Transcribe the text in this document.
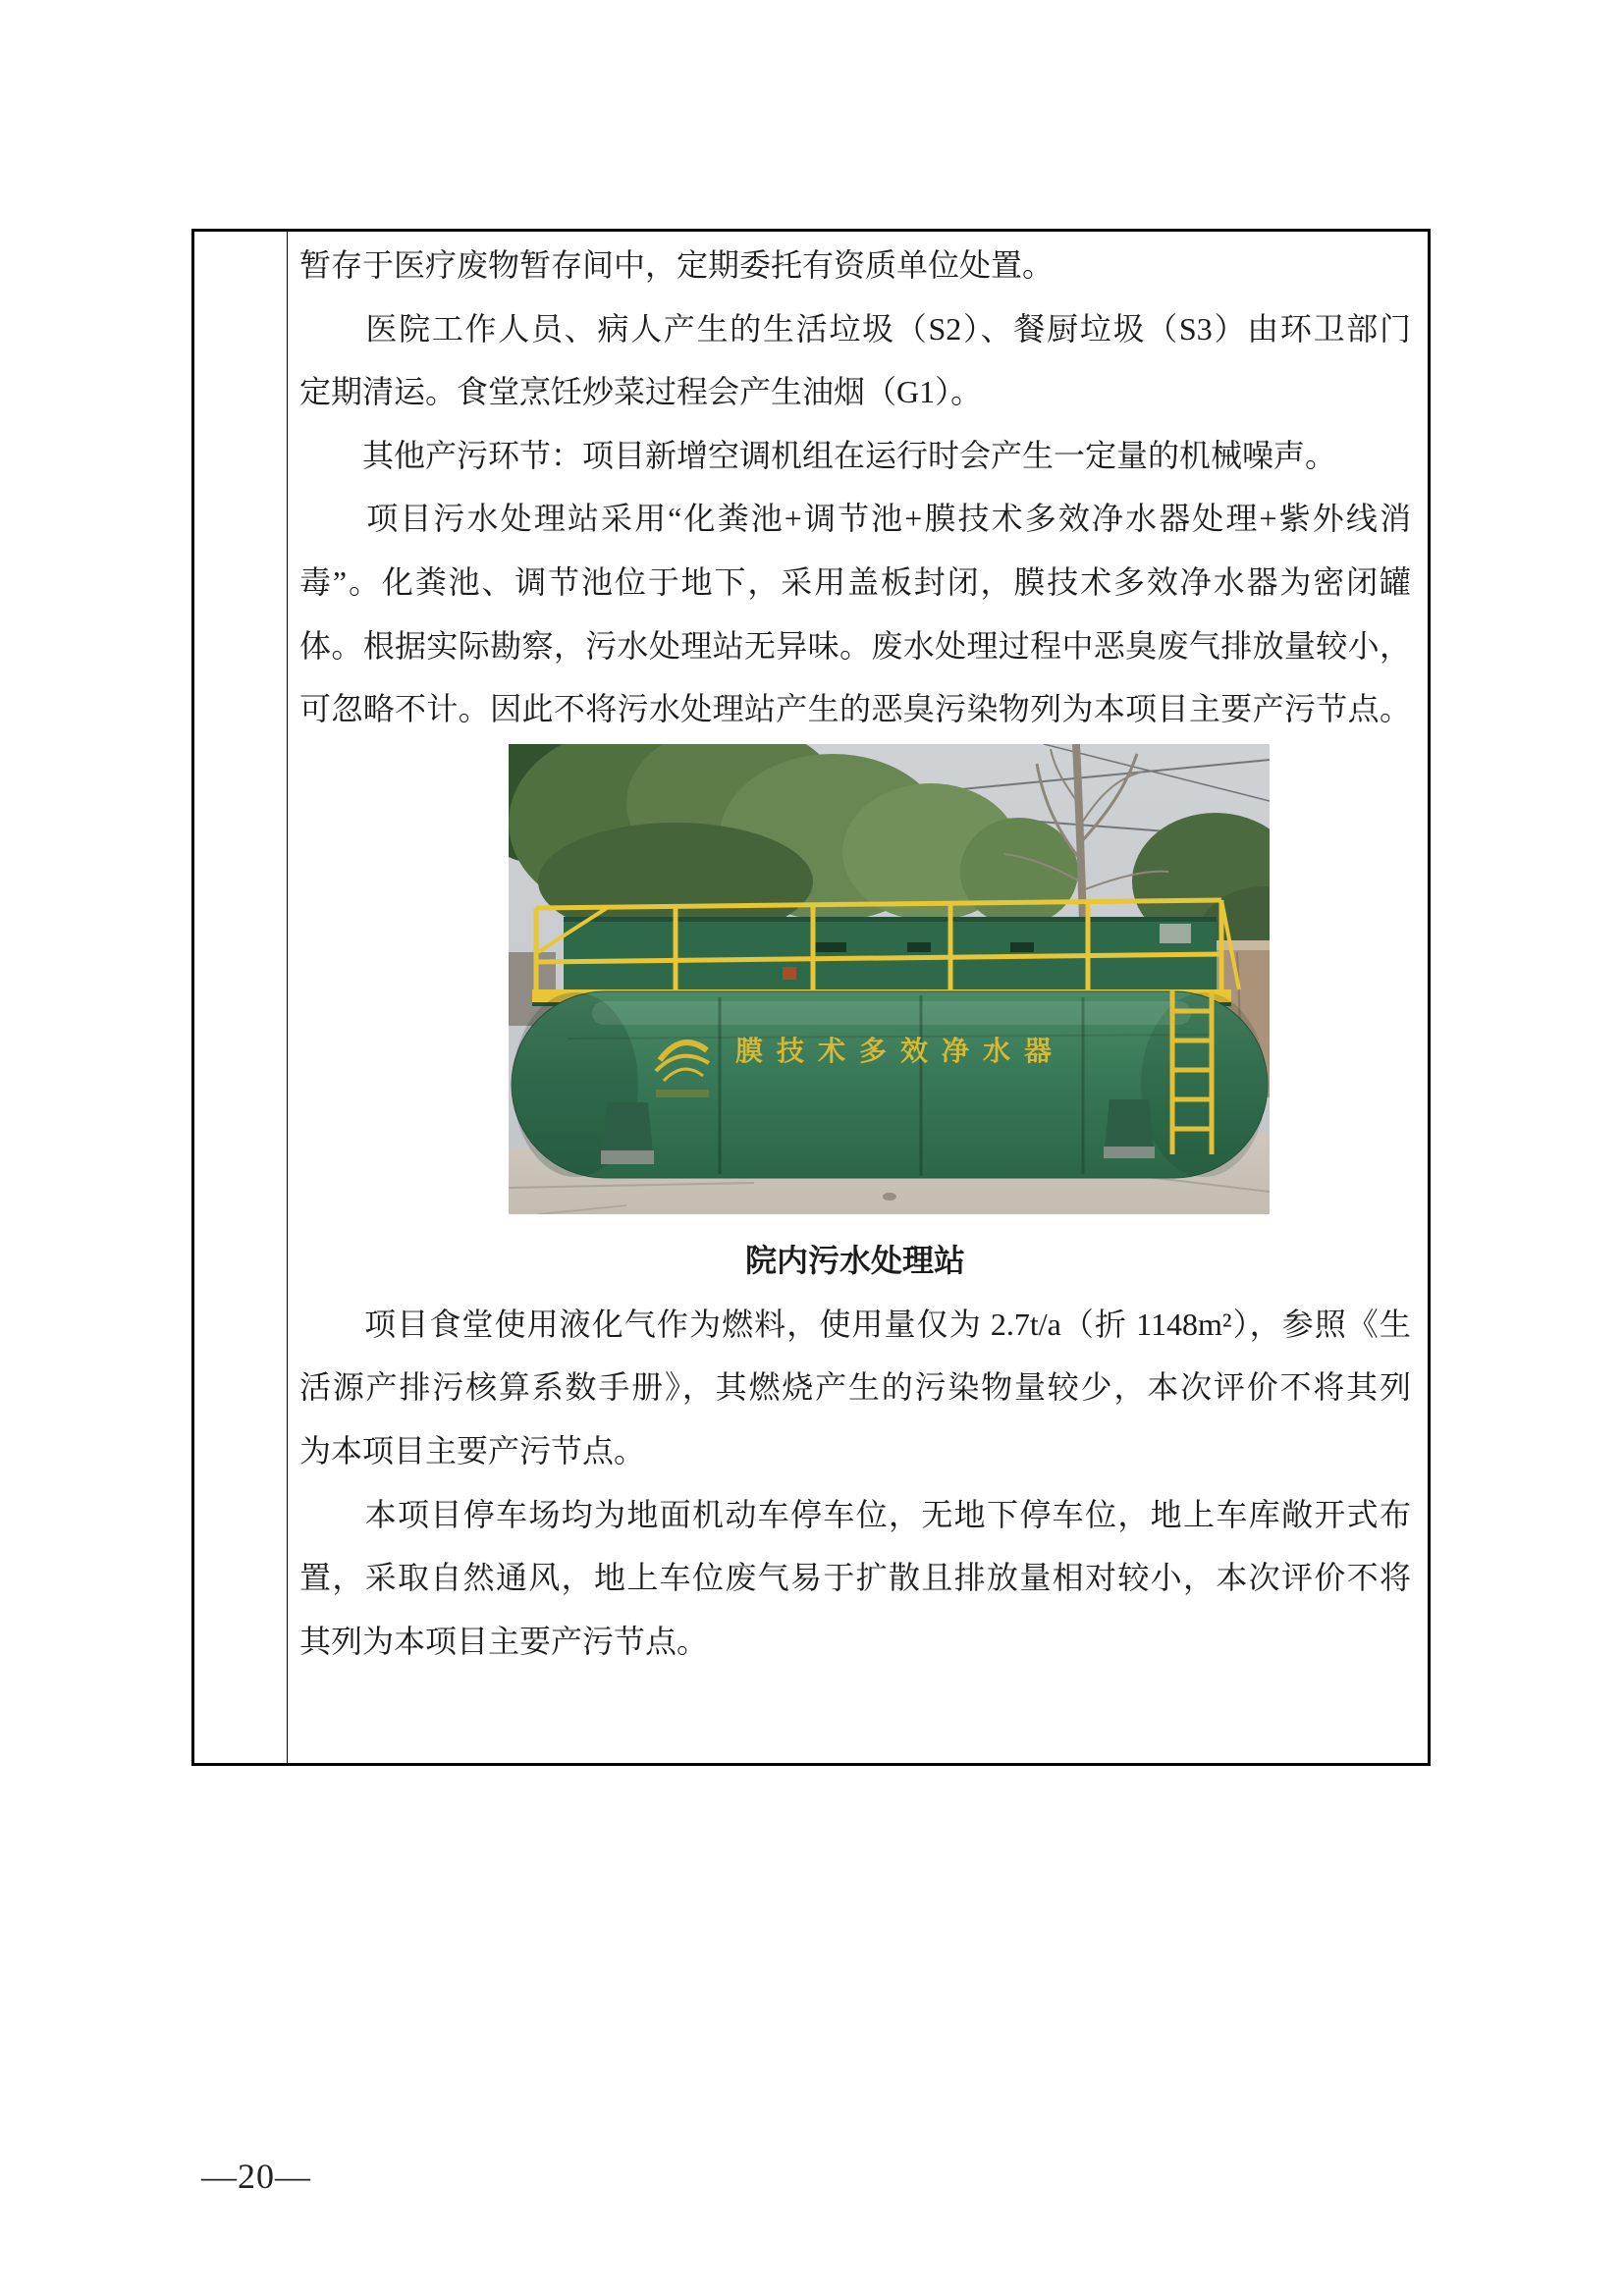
暂存于医疗废物暂存间中，定期委托有资质单位处置。
　　医院工作人员、病人产生的生活垃圾（S2）、餐厨垃圾（S3）由环卫部门
定期清运。食堂烹饪炒菜过程会产生油烟（G1）。
　　其他产污环节：项目新增空调机组在运行时会产生一定量的机械噪声。
　　项目污水处理站采用“化粪池+调节池+膜技术多效净水器处理+紫外线消
毒”。化粪池、调节池位于地下，采用盖板封闭，膜技术多效净水器为密闭罐
体。根据实际勘察，污水处理站无异味。废水处理过程中恶臭废气排放量较小，
可忽略不计。因此不将污水处理站产生的恶臭污染物列为本项目主要产污节点。
膜技术多效净水器
院内污水处理站
　　项目食堂使用液化气作为燃料，使用量仅为 2.7t/a（折 1148m²），参照《生
活源产排污核算系数手册》，其燃烧产生的污染物量较少，本次评价不将其列
为本项目主要产污节点。
　　本项目停车场均为地面机动车停车位，无地下停车位，地上车库敞开式布
置，采取自然通风，地上车位废气易于扩散且排放量相对较小，本次评价不将
其列为本项目主要产污节点。
—20—
